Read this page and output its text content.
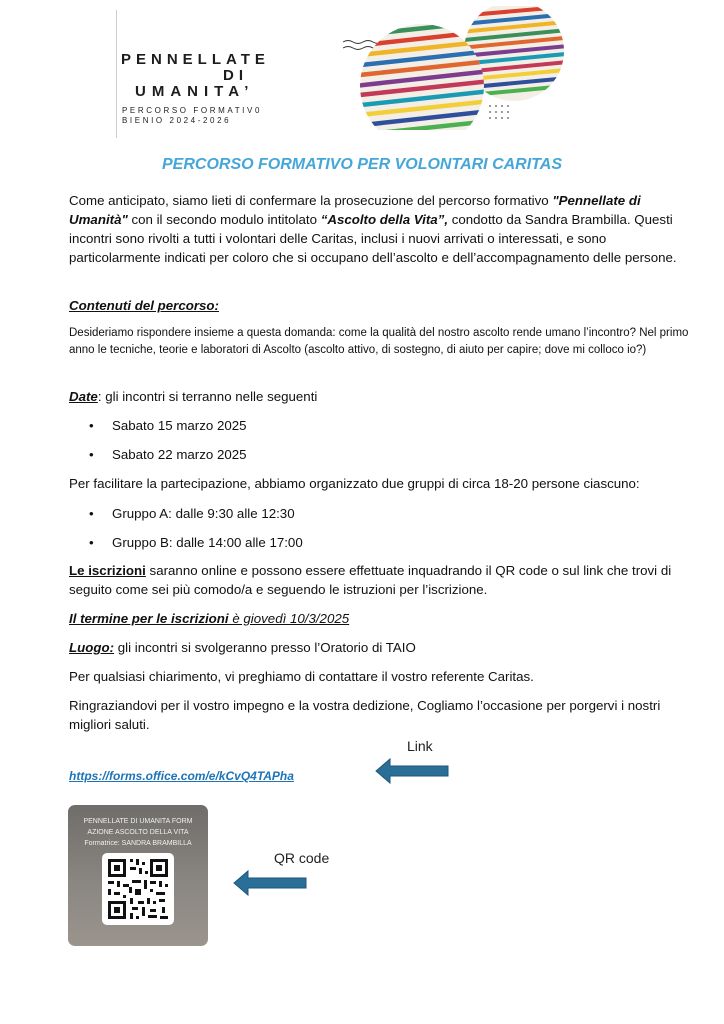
PENNELLATE
DI
UMANITA’
PERCORSO FORMATIV0
BIENIO 2024-2026
PERCORSO FORMATIVO PER VOLONTARI CARITAS
Come anticipato, siamo lieti di confermare la prosecuzione del percorso formativo "Pennellate di Umanità" con il secondo modulo intitolato “Ascolto della Vita”, condotto da Sandra Brambilla. Questi incontri sono rivolti a tutti i volontari delle Caritas, inclusi i nuovi arrivati o interessati, e sono particolarmente indicati per coloro che si occupano dell’ascolto e dell’accompagnamento delle persone.
Contenuti del percorso:
Desideriamo rispondere insieme a questa domanda: come la qualità del nostro ascolto rende umano l’incontro? Nel primo anno le tecniche, teorie e laboratori di Ascolto (ascolto attivo, di sostegno, di aiuto per capire; dove mi colloco io?)
Date: gli incontri si terranno nelle seguenti
• Sabato 15 marzo 2025
• Sabato 22 marzo 2025
Per facilitare la partecipazione, abbiamo organizzato due gruppi di circa 18-20 persone ciascuno:
• Gruppo A: dalle 9:30 alle 12:30
• Gruppo B: dalle 14:00 alle 17:00
Le iscrizioni saranno online e possono essere effettuate inquadrando il QR code o sul link che trovi di seguito come sei più comodo/a e seguendo le istruzioni per l’iscrizione.
Il termine per le iscrizioni è giovedì 10/3/2025
Luogo: gli incontri si svolgeranno presso l’Oratorio di TAIO
Per qualsiasi chiarimento, vi preghiamo di contattare il vostro referente Caritas.
Ringraziandovi per il vostro impegno e la vostra dedizione, Cogliamo l’occasione per porgervi i nostri migliori saluti.
Link
https://forms.office.com/e/kCvQ4TAPha
PENNELLATE DI UMANITA FORM
AZIONE ASCOLTO DELLA VITA
Formatrice: SANDRA BRAMBILLA
QR code
